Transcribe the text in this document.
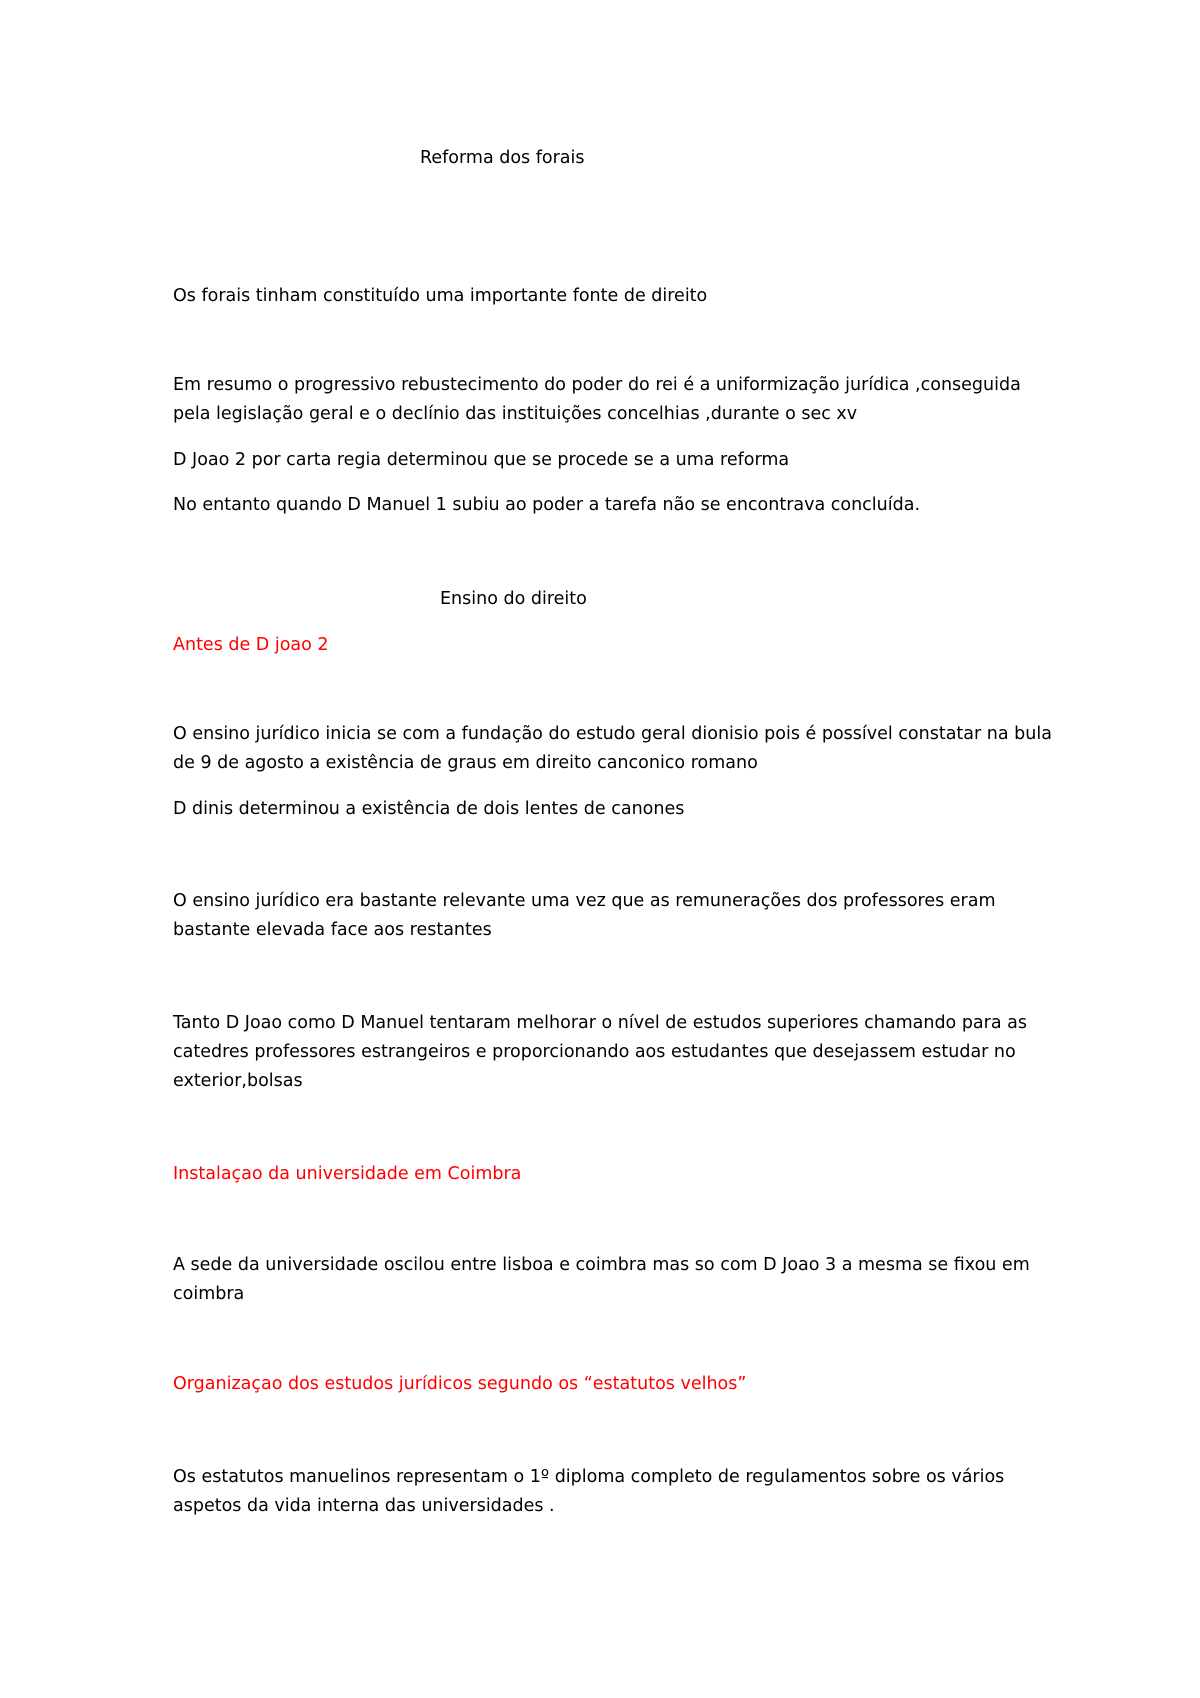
Reforma dos forais

Os forais tinham constituído uma importante fonte de direito

Em resumo o progressivo rebustecimento do poder do rei é a uniformização jurídica ,conseguida pela legislação geral e o declínio das instituições concelhias ,durante o sec xv

D Joao 2 por carta regia determinou que se procede se a uma reforma

No entanto quando D Manuel 1 subiu ao poder a tarefa não se encontrava concluída.

Ensino do direito

Antes de D joao 2

O ensino jurídico inicia se com a fundação do estudo geral dionisio pois é possível constatar na bula de 9 de agosto a existência de graus em direito canconico romano

D dinis determinou a existência de dois lentes de canones

O ensino jurídico era bastante relevante uma vez que as remunerações dos professores eram bastante elevada face aos restantes

Tanto D Joao como D Manuel tentaram melhorar o nível de estudos superiores chamando para as catedres professores estrangeiros e proporcionando aos estudantes que desejassem estudar no exterior,bolsas

Instalaçao da universidade em Coimbra

A sede da universidade oscilou entre lisboa e coimbra mas so com D Joao 3 a mesma se fixou em coimbra

Organizaçao dos estudos jurídicos segundo os “estatutos velhos”

Os estatutos manuelinos representam o 1º diploma completo de regulamentos sobre os vários aspetos da vida interna das universidades .
